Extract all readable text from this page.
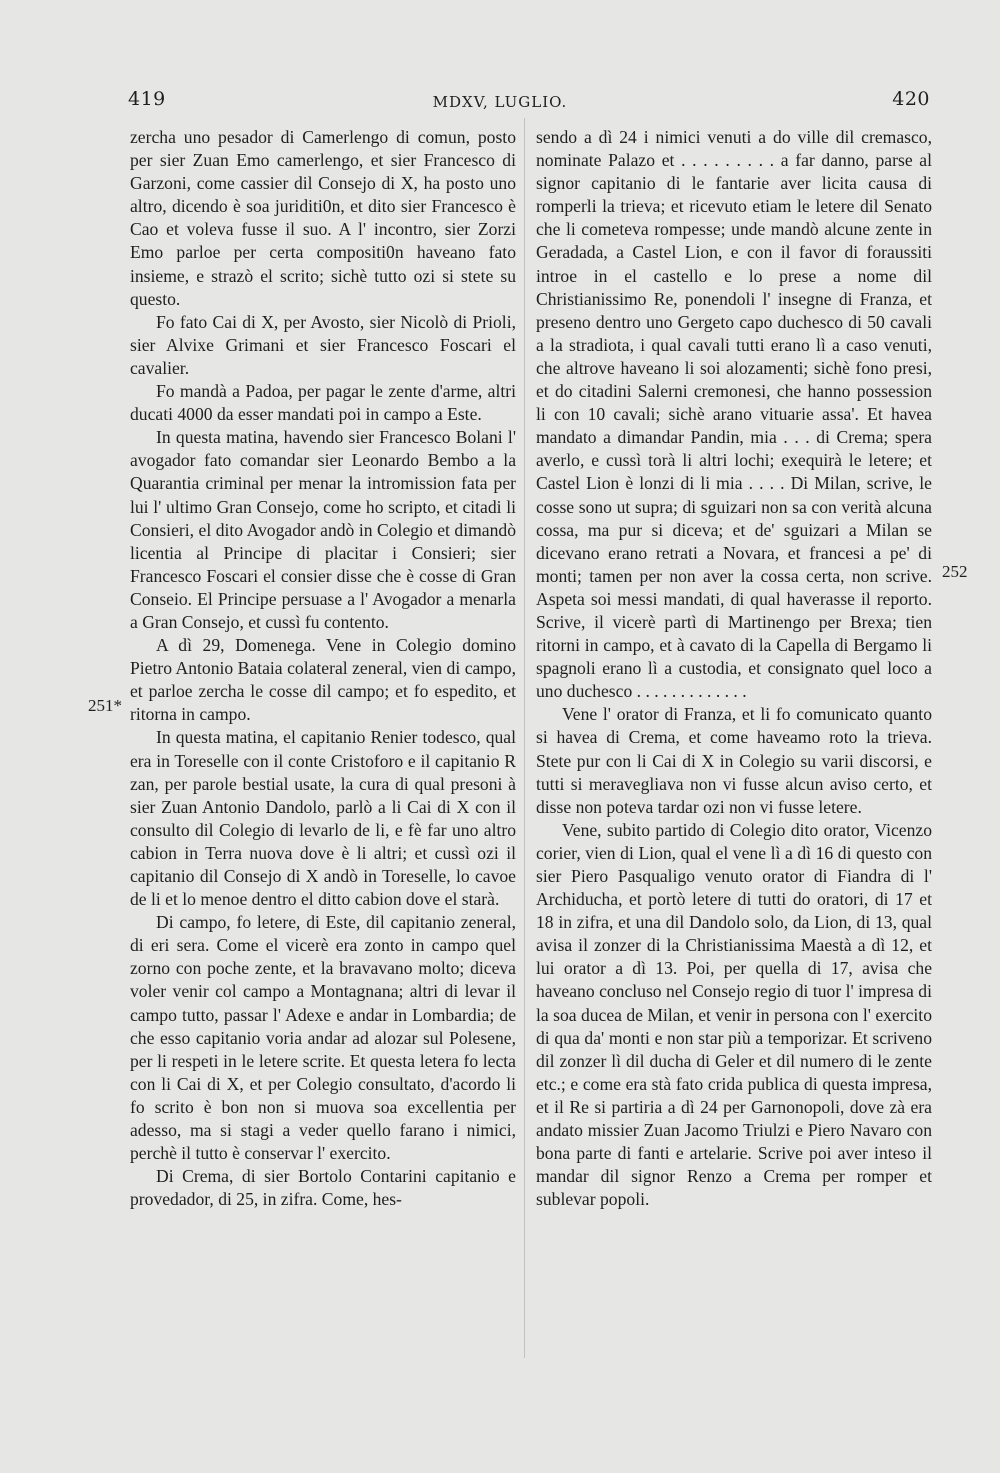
419	MDXV, LUGLIO.	420
251*
252

zercha uno pesador di Camerlengo di comun, posto per sier Zuan Emo camerlengo, et sier Francesco di Garzoni, come cassier dil Consejo di X, ha posto uno altro, dicendo è soa juriditi0n, et dito sier Francesco è Cao et voleva fusse il suo. A l' incontro, sier Zorzi Emo parloe per certa compositi0n haveano fato insieme, e strazò el scrito; sichè tutto ozi si stete su questo.

Fo fato Cai di X, per Avosto, sier Nicolò di Prioli, sier Alvixe Grimani et sier Francesco Foscari el cavalier.

Fo mandà a Padoa, per pagar le zente d'arme, altri ducati 4000 da esser mandati poi in campo a Este.

In questa matina, havendo sier Francesco Bolani l' avogador fato comandar sier Leonardo Bembo a la Quarantia criminal per menar la intromission fata per lui l' ultimo Gran Consejo, come ho scripto, et citadi li Consieri, el dito Avogador andò in Colegio et dimandò licentia al Principe di placitar i Consieri; sier Francesco Foscari el consier disse che è cosse di Gran Conseio. El Principe persuase a l' Avogador a menarla a Gran Consejo, et cussì fu contento.

A dì 29, Domenega. Vene in Colegio domino Pietro Antonio Bataia colateral zeneral, vien di campo, et parloe zercha le cosse dil campo; et fo espedito, et ritorna in campo.

In questa matina, el capitanio Renier todesco, qual era in Toreselle con il conte Cristoforo e il capitanio R zan, per parole bestial usate, la cura di qual presoni à sier Zuan Antonio Dandolo, parlò a li Cai di X con il consulto dil Colegio di levarlo de li, e fè far uno altro cabion in Terra nuova dove è li altri; et cussì ozi il capitanio dil Consejo di X andò in Toreselle, lo cavoe de li et lo menoe dentro el ditto cabion dove el starà.

Di campo, fo letere, di Este, dil capitanio zeneral, di eri sera. Come el vicerè era zonto in campo quel zorno con poche zente, et la bravavano molto; diceva voler venir col campo a Montagnana; altri di levar il campo tutto, passar l' Adexe e andar in Lombardia; de che esso capitanio voria andar ad alozar sul Polesene, per li respeti in le letere scrite. Et questa letera fo lecta con li Cai di X, et per Colegio consultato, d'acordo li fo scrito è bon non si muova soa excellentia per adesso, ma si stagi a veder quello farano i nimici, perchè il tutto è conservar l' exercito.

Di Crema, di sier Bortolo Contarini capitanio e provedador, di 25, in zifra. Come, hes-

sendo a dì 24 i nimici venuti a do ville dil cremasco, nominate Palazo et . . . . . . . . . a far danno, parse al signor capitanio di le fantarie aver licita causa di romperli la trieva; et ricevuto etiam le letere dil Senato che li cometeva rompesse; unde mandò alcune zente in Geradada, a Castel Lion, e con il favor di foraussiti introe in el castello e lo prese a nome dil Christianissimo Re, ponendoli l' insegne di Franza, et preseno dentro uno Gergeto capo duchesco di 50 cavali a la stradiota, i qual cavali tutti erano lì a caso venuti, che altrove haveano li soi alozamenti; sichè fono presi, et do citadini Salerni cremonesi, che hanno possession li con 10 cavali; sichè arano vituarie assa'. Et havea mandato a dimandar Pandin, mia . . . di Crema; spera averlo, e cussì torà li altri lochi; exequirà le letere; et Castel Lion è lonzi di li mia . . . . Di Milan, scrive, le cosse sono ut supra; di sguizari non sa con verità alcuna cossa, ma pur si diceva; et de' sguizari a Milan se dicevano erano retrati a Novara, et francesi a pe' di monti; tamen per non aver la cossa certa, non scrive. Aspeta soi messi mandati, di qual haverasse il reporto. Scrive, il vicerè partì di Martinengo per Brexa; tien ritorni in campo, et à cavato di la Capella di Bergamo li spagnoli erano lì a custodia, et consignato quel loco a uno duchesco . . . . . . . . . . . . .

Vene l' orator di Franza, et li fo comunicato quanto si havea di Crema, et come haveamo roto la trieva. Stete pur con li Cai di X in Colegio su varii discorsi, e tutti si meravegliava non vi fusse alcun aviso certo, et disse non poteva tardar ozi non vi fusse letere.

Vene, subito partido di Colegio dito orator, Vicenzo corier, vien di Lion, qual el vene lì a dì 16 di questo con sier Piero Pasqualigo venuto orator di Fiandra di l' Archiducha, et portò letere di tutti do oratori, di 17 et 18 in zifra, et una dil Dandolo solo, da Lion, di 13, qual avisa il zonzer di la Christianissima Maestà a dì 12, et lui orator a dì 13. Poi, per quella di 17, avisa che haveano concluso nel Consejo regio di tuor l' impresa di la soa ducea de Milan, et venir in persona con l' exercito di qua da' monti e non star più a temporizar. Et scriveno dil zonzer lì dil ducha di Geler et dil numero di le zente etc.; e come era stà fato crida publica di questa impresa, et il Re si partiria a dì 24 per Garnonopoli, dove zà era andato missier Zuan Jacomo Triulzi e Piero Navaro con bona parte di fanti e artelarie. Scrive poi aver inteso il mandar dil signor Renzo a Crema per romper et sublevar popoli.
